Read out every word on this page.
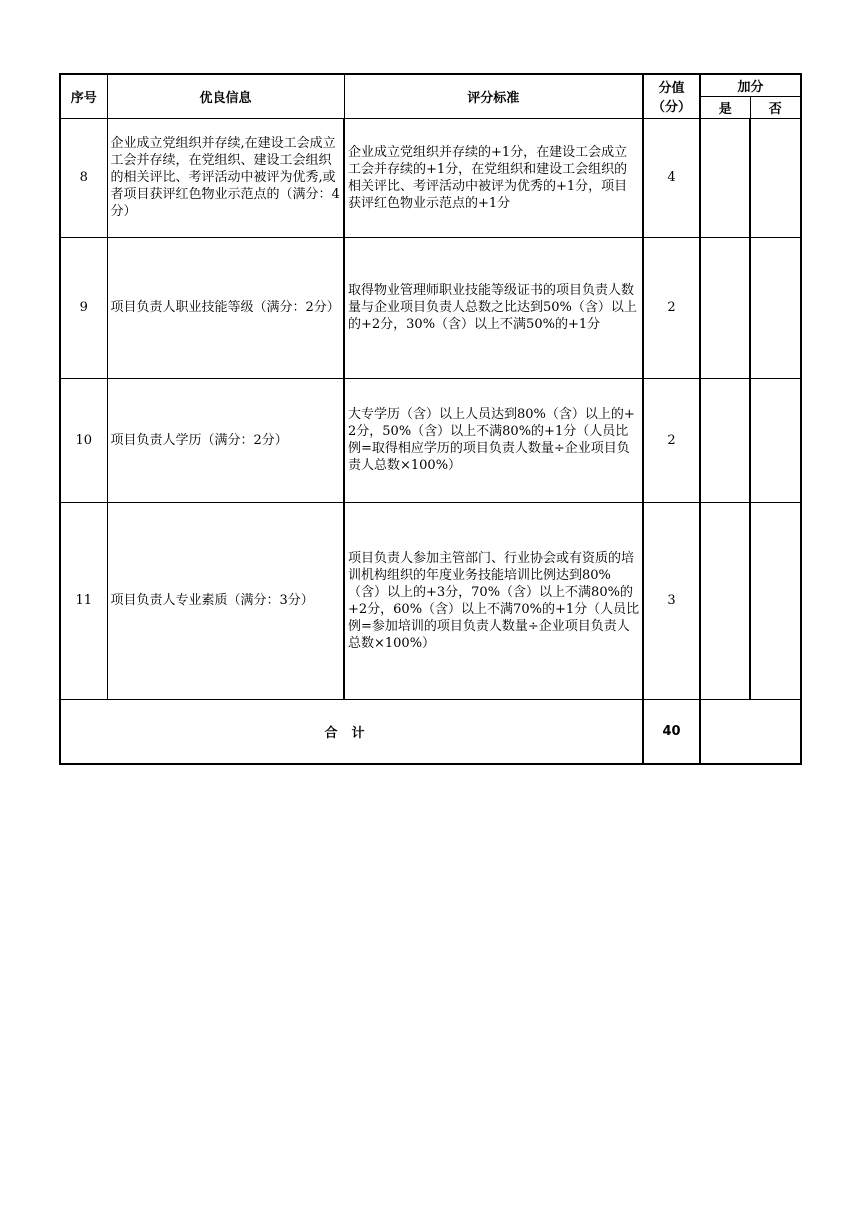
序号	优良信息	评分标准	分值
（分）	加分	
				是	否
8	企业成立党组织并存续,在建设工会成立工会并存续，在党组织、建设工会组织的相关评比、考评活动中被评为优秀,或者项目获评红色物业示范点的（满分：4分）	企业成立党组织并存续的+1分，在建设工会成立工会并存续的+1分，在党组织和建设工会组织的相关评比、考评活动中被评为优秀的+1分，项目获评红色物业示范点的+1分	4		
9	项目负责人职业技能等级（满分：2分）	取得物业管理师职业技能等级证书的项目负责人数量与企业项目负责人总数之比达到50%（含）以上的+2分，30%（含）以上不满50%的+1分	2		
10	项目负责人学历（满分：2分）	大专学历（含）以上人员达到80%（含）以上的+2分，50%（含）以上不满80%的+1分（人员比例=取得相应学历的项目负责人数量÷企业项目负责人总数×100%）	2		
11	项目负责人专业素质（满分：3分）	项目负责人参加主管部门、行业协会或有资质的培训机构组织的年度业务技能培训比例达到80%（含）以上的+3分，70%（含）以上不满80%的+2分，60%（含）以上不满70%的+1分（人员比例=参加培训的项目负责人数量÷企业项目负责人总数×100%）	3		
合计			40		
